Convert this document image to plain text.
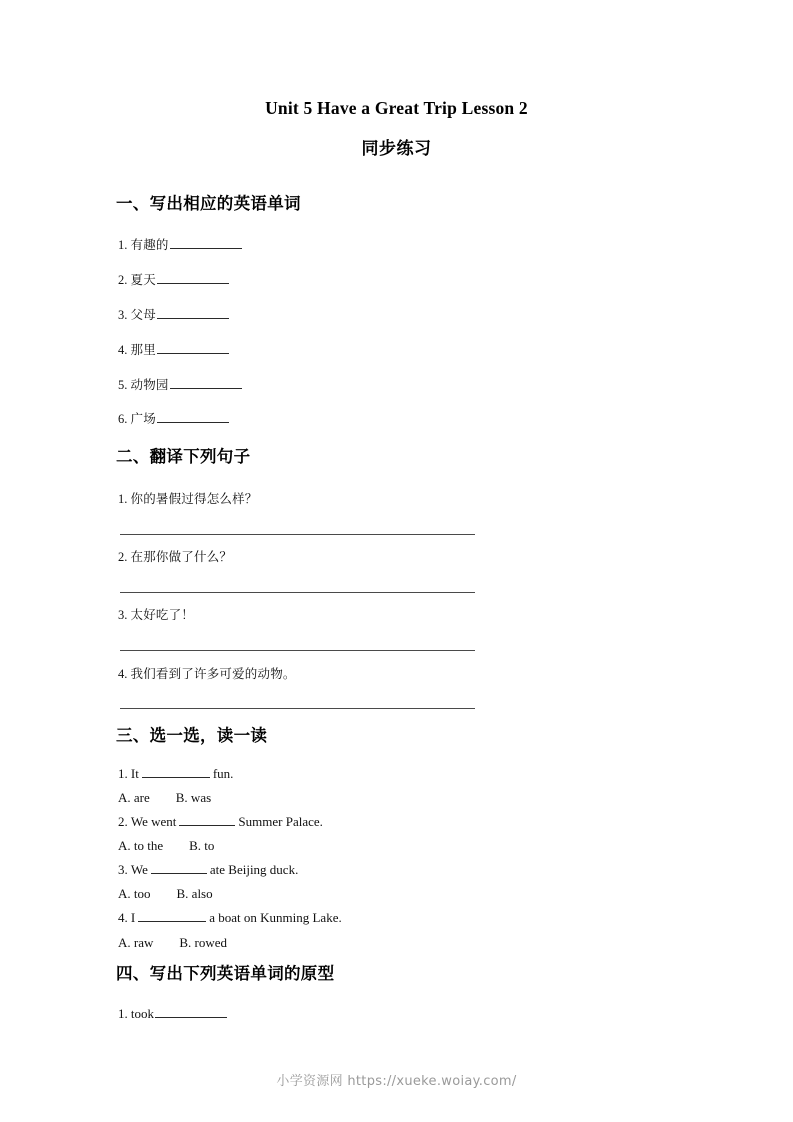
Unit 5 Have a Great Trip Lesson 2
同步练习
一、写出相应的英语单词
1. 有趣的
2. 夏天
3. 父母
4. 那里
5. 动物园
6. 广场
二、翻译下列句子
1. 你的暑假过得怎么样？
2. 在那你做了什么？
3. 太好吃了！
4. 我们看到了许多可爱的动物。
三、选一选，读一读
1. It	fun.
A. are B. was
2. We went	Summer Palace.
A. to the B. to
3. We	ate Beijing duck.
A. too B. also
4. I	a boat on Kunming Lake.
A. raw B. rowed
四、写出下列英语单词的原型
1. took
小学资源网 https://xueke.woiay.com/
